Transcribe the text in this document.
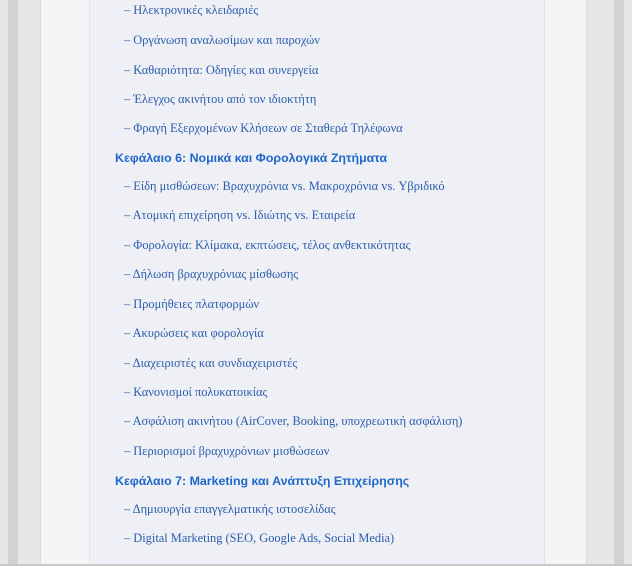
– Ηλεκτρονικές κλειδαριές
– Οργάνωση αναλωσίμων και παροχών
– Καθαριότητα: Οδηγίες και συνεργεία
– Έλεγχος ακινήτου από τον ιδιοκτήτη
– Φραγή Εξερχομένων Κλήσεων σε Σταθερά Τηλέφωνα
Κεφάλαιο 6: Νομικά και Φορολογικά Ζητήματα
– Είδη μισθώσεων: Βραχυχρόνια vs. Μακροχρόνια vs. Υβριδικό
– Ατομική επιχείρηση vs. Ιδιώτης vs. Εταιρεία
– Φορολογία: Κλίμακα, εκπτώσεις, τέλος ανθεκτικότητας
– Δήλωση βραχυχρόνιας μίσθωσης
– Προμήθειες πλατφορμών
– Ακυρώσεις και φορολογία
– Διαχειριστές και συνδιαχειριστές
– Κανονισμοί πολυκατοικίας
– Ασφάλιση ακινήτου (AirCover, Booking, υποχρεωτική ασφάλιση)
– Περιορισμοί βραχυχρόνιων μισθώσεων
Κεφάλαιο 7: Marketing και Ανάπτυξη Επιχείρησης
– Δημιουργία επαγγελματικής ιστοσελίδας
– Digital Marketing (SEO, Google Ads, Social Media)
